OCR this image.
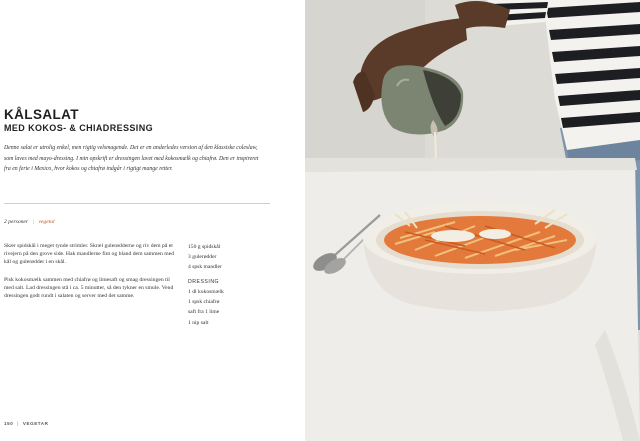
KÅLSALAT
MED KOKOS- & CHIADRESSING

Denne salat er utrolig enkel, men rigtig velsmagende. Det er en anderledes version af den klassiske coleslaw, som laves med mayo-dressing. I min opskrift er dressingen lavet med kokosmælk og chiafrø. Den er inspireret fra en ferie i Mexico, hvor kokos og chiafrø indgår i rigtigt mange retter.

2 personer | vegetal

Skær spidskål i meget tynde strimler. Skræl gulerødderne og riv dem på et rivejern på den grove side. Hak mandlerne fint og bland dem sammen med kål og gulerødder i en skål.

Pisk kokosmælk sammen med chiafrø og limesaft og smag dressingen til med salt. Lad dressingen stå i ca. 5 minutter, så den tykner en smule. Vend dressingen godt rundt i salaten og server med det samme.

150 g spidskål
3 gulerødder
4 spsk mandler
DRESSING
1 dl kokosmælk
1 spsk chiafrø
saft fra 1 lime
1 nip salt
150 | VEGETAR
